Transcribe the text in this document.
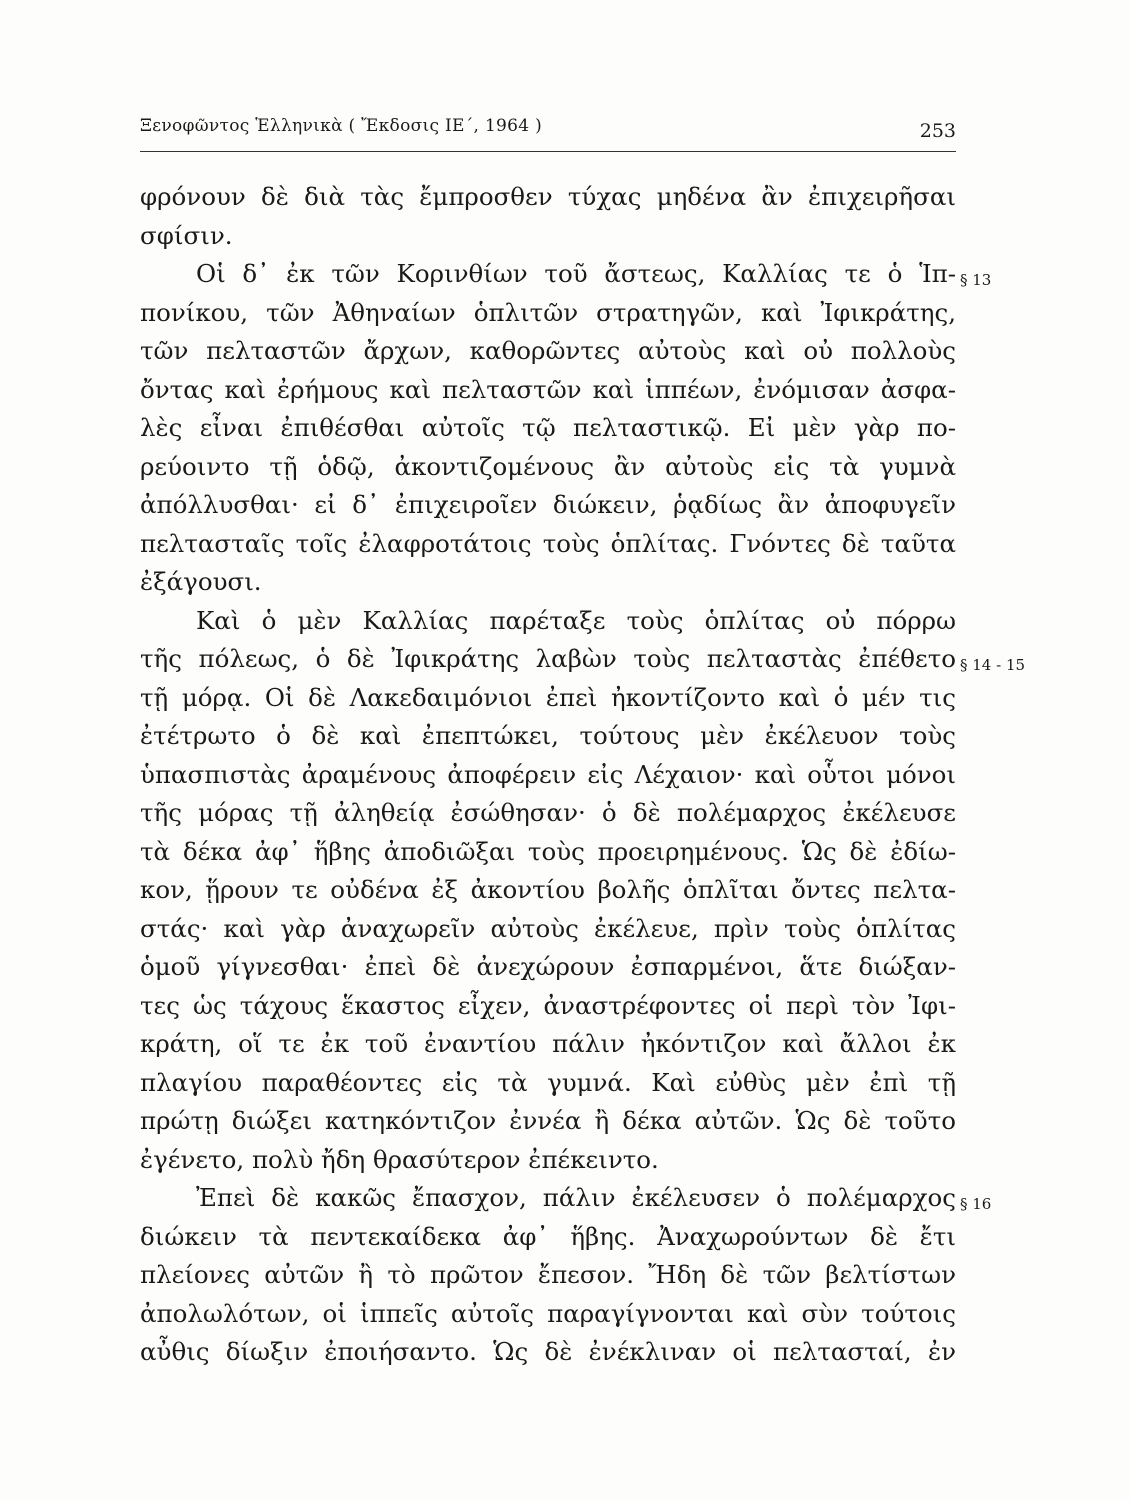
Ξενοφῶντος Ἑλληνικὰ ( Ἔκδοσις ΙΕ΄, 1964 )	253
φρόνουν δὲ διὰ τὰς ἔμπροσθεν τύχας μηδένα ἂν ἐπιχειρῆσαι
σφίσιν.
Οἱ δ᾽ ἐκ τῶν Κορινθίων τοῦ ἄστεως, Καλλίας τε ὁ Ἱπ-
πονίκου, τῶν Ἀθηναίων ὁπλιτῶν στρατηγῶν, καὶ Ἰφικράτης,
τῶν πελταστῶν ἄρχων, καθορῶντες αὐτοὺς καὶ οὐ πολλοὺς
ὄντας καὶ ἐρήμους καὶ πελταστῶν καὶ ἱππέων, ἐνόμισαν ἀσφα-
λὲς εἶναι ἐπιθέσθαι αὐτοῖς τῷ πελταστικῷ. Εἰ μὲν γὰρ πο-
ρεύοιντο τῇ ὁδῷ, ἀκοντιζομένους ἂν αὐτοὺς εἰς τὰ γυμνὰ
ἀπόλλυσθαι· εἰ δ᾽ ἐπιχειροῖεν διώκειν, ῥᾳδίως ἂν ἀποφυγεῖν
πελτασταῖς τοῖς ἐλαφροτάτοις τοὺς ὁπλίτας. Γνόντες δὲ ταῦτα
ἐξάγουσι.
Καὶ ὁ μὲν Καλλίας παρέταξε τοὺς ὁπλίτας οὐ πόρρω
τῆς πόλεως, ὁ δὲ Ἰφικράτης λαβὼν τοὺς πελταστὰς ἐπέθετο
τῇ μόρᾳ. Οἱ δὲ Λακεδαιμόνιοι ἐπεὶ ἠκοντίζοντο καὶ ὁ μέν τις
ἐτέτρωτο ὁ δὲ καὶ ἐπεπτώκει, τούτους μὲν ἐκέλευον τοὺς
ὑπασπιστὰς ἀραμένους ἀποφέρειν εἰς Λέχαιον· καὶ οὗτοι μόνοι
τῆς μόρας τῇ ἀληθείᾳ ἐσώθησαν· ὁ δὲ πολέμαρχος ἐκέλευσε
τὰ δέκα ἀφ᾽ ἥβης ἀποδιῶξαι τοὺς προειρημένους. Ὡς δὲ ἐδίω-
κον, ᾕρουν τε οὐδένα ἐξ ἀκοντίου βολῆς ὁπλῖται ὄντες πελτα-
στάς· καὶ γὰρ ἀναχωρεῖν αὐτοὺς ἐκέλευε, πρὶν τοὺς ὁπλίτας
ὁμοῦ γίγνεσθαι· ἐπεὶ δὲ ἀνεχώρουν ἐσπαρμένοι, ἅτε διώξαν-
τες ὡς τάχους ἕκαστος εἶχεν, ἀναστρέφοντες οἱ περὶ τὸν Ἰφι-
κράτη, οἵ τε ἐκ τοῦ ἐναντίου πάλιν ἠκόντιζον καὶ ἄλλοι ἐκ
πλαγίου παραθέοντες εἰς τὰ γυμνά. Καὶ εὐθὺς μὲν ἐπὶ τῇ
πρώτῃ διώξει κατηκόντιζον ἐννέα ἢ δέκα αὐτῶν. Ὡς δὲ τοῦτο
ἐγένετο, πολὺ ἤδη θρασύτερον ἐπέκειντο.
Ἐπεὶ δὲ κακῶς ἔπασχον, πάλιν ἐκέλευσεν ὁ πολέμαρχος
διώκειν τὰ πεντεκαίδεκα ἀφ᾽ ἥβης. Ἀναχωρούντων δὲ ἔτι
πλείονες αὐτῶν ἢ τὸ πρῶτον ἔπεσον. Ἤδη δὲ τῶν βελτίστων
ἀπολωλότων, οἱ ἱππεῖς αὐτοῖς παραγίγνονται καὶ σὺν τούτοις
αὖθις δίωξιν ἐποιήσαντο. Ὡς δὲ ἐνέκλιναν οἱ πελτασταί, ἐν
§ 13
§ 14 - 15
§ 16
